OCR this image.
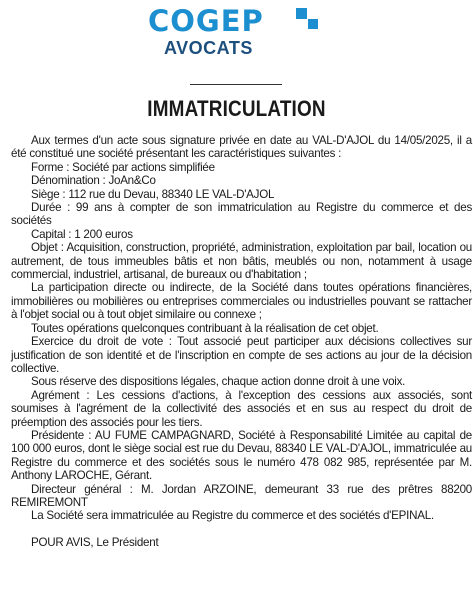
COGEP
AVOCATS
IMMATRICULATION

Aux termes d'un acte sous signature privée en date au VAL-D'AJOL du 14/05/2025, il a été constitué une société présentant les caractéristiques suivantes :

Forme : Société par actions simplifiée

Dénomination : JoAn&Co

Siège : 112 rue du Devau, 88340 LE VAL-D'AJOL

Durée : 99 ans à compter de son immatriculation au Registre du commerce et des sociétés

Capital : 1 200 euros

Objet : Acquisition, construction, propriété, administration, exploitation par bail, location ou autrement, de tous immeubles bâtis et non bâtis, meublés ou non, notamment à usage commercial, industriel, artisanal, de bureaux ou d'habitation ;

La participation directe ou indirecte, de la Société dans toutes opérations financières, immobilières ou mobilières ou entreprises commerciales ou industrielles pouvant se rattacher à l'objet social ou à tout objet similaire ou connexe ;

Toutes opérations quelconques contribuant à la réalisation de cet objet.

Exercice du droit de vote : Tout associé peut participer aux décisions collectives sur justification de son identité et de l'inscription en compte de ses actions au jour de la décision collective.

Sous réserve des dispositions légales, chaque action donne droit à une voix.

Agrément : Les cessions d'actions, à l'exception des cessions aux associés, sont soumises à l'agrément de la collectivité des associés et en sus au respect du droit de préemption des associés pour les tiers.

Présidente : AU FUME CAMPAGNARD, Société à Responsabilité Limitée au capital de 100 000 euros, dont le siège social est rue du Devau, 88340 LE VAL-D'AJOL, immatriculée au Registre du commerce et des sociétés sous le numéro 478 082 985, représentée par M. Anthony LAROCHE, Gérant.

Directeur général : M. Jordan ARZOINE, demeurant 33 rue des prêtres 88200 REMIREMONT

La Société sera immatriculée au Registre du commerce et des sociétés d'EPINAL.

POUR AVIS, Le Président
